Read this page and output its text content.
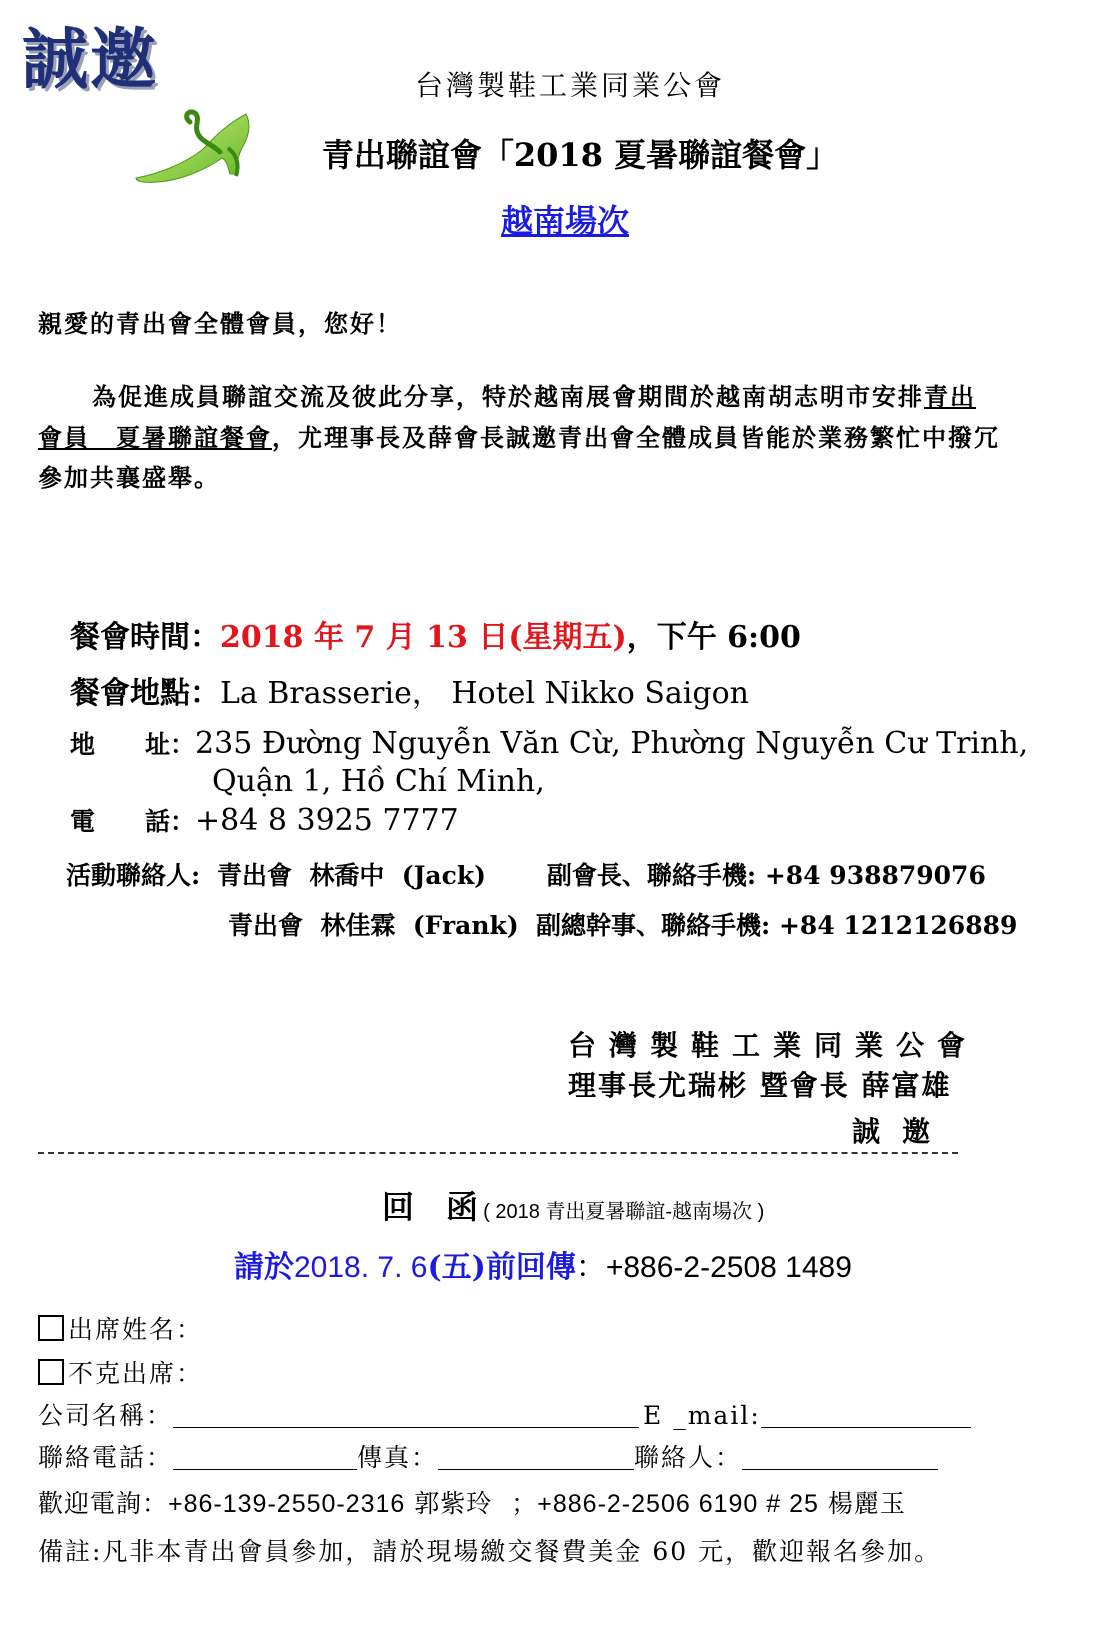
誠邀	台灣製鞋工業同業公會
青出聯誼會「2018 夏暑聯誼餐會」
越南場次
親愛的青出會全體會員，您好！
為促進成員聯誼交流及彼此分享，特於越南展會期間於越南胡志明市安排青出
會員　夏暑聯誼餐會，尤理事長及薛會長誠邀青出會全體成員皆能於業務繁忙中撥冗
參加共襄盛舉。
餐會時間：2018 年 7 月 13 日(星期五)，下午 6:00
餐會地點：La Brasserie， Hotel Nikko Saigon
地　　址：235 Đường Nguyễn Văn Cừ, Phường Nguyễn Cư Trinh,
Quận 1, Hồ Chí Minh,
電　　話：+84 8 3925 7777
活動聯絡人: 青出會  林喬中  (Jack)       副會長、聯絡手機: +84 938879076
青出會  林佳霖  (Frank)  副總幹事、聯絡手機: +84 1212126889
台灣製鞋工業同業公會
理事長尤瑞彬 暨會長 薛富雄
誠邀
回　函 ( 2018 青出夏暑聯誼-越南場次 )
請於2018. 7. 6(五)前回傳：+886-2-2508 1489
出席姓名：
不克出席：
公司名稱：	E _mail:
聯絡電話：	傳真：	聯絡人：
歡迎電詢：+86-139-2550-2316 郭紫玲 ；+886-2-2506 6190 # 25 楊麗玉
備註:凡非本青出會員參加，請於現場繳交餐費美金 60 元，歡迎報名參加。
